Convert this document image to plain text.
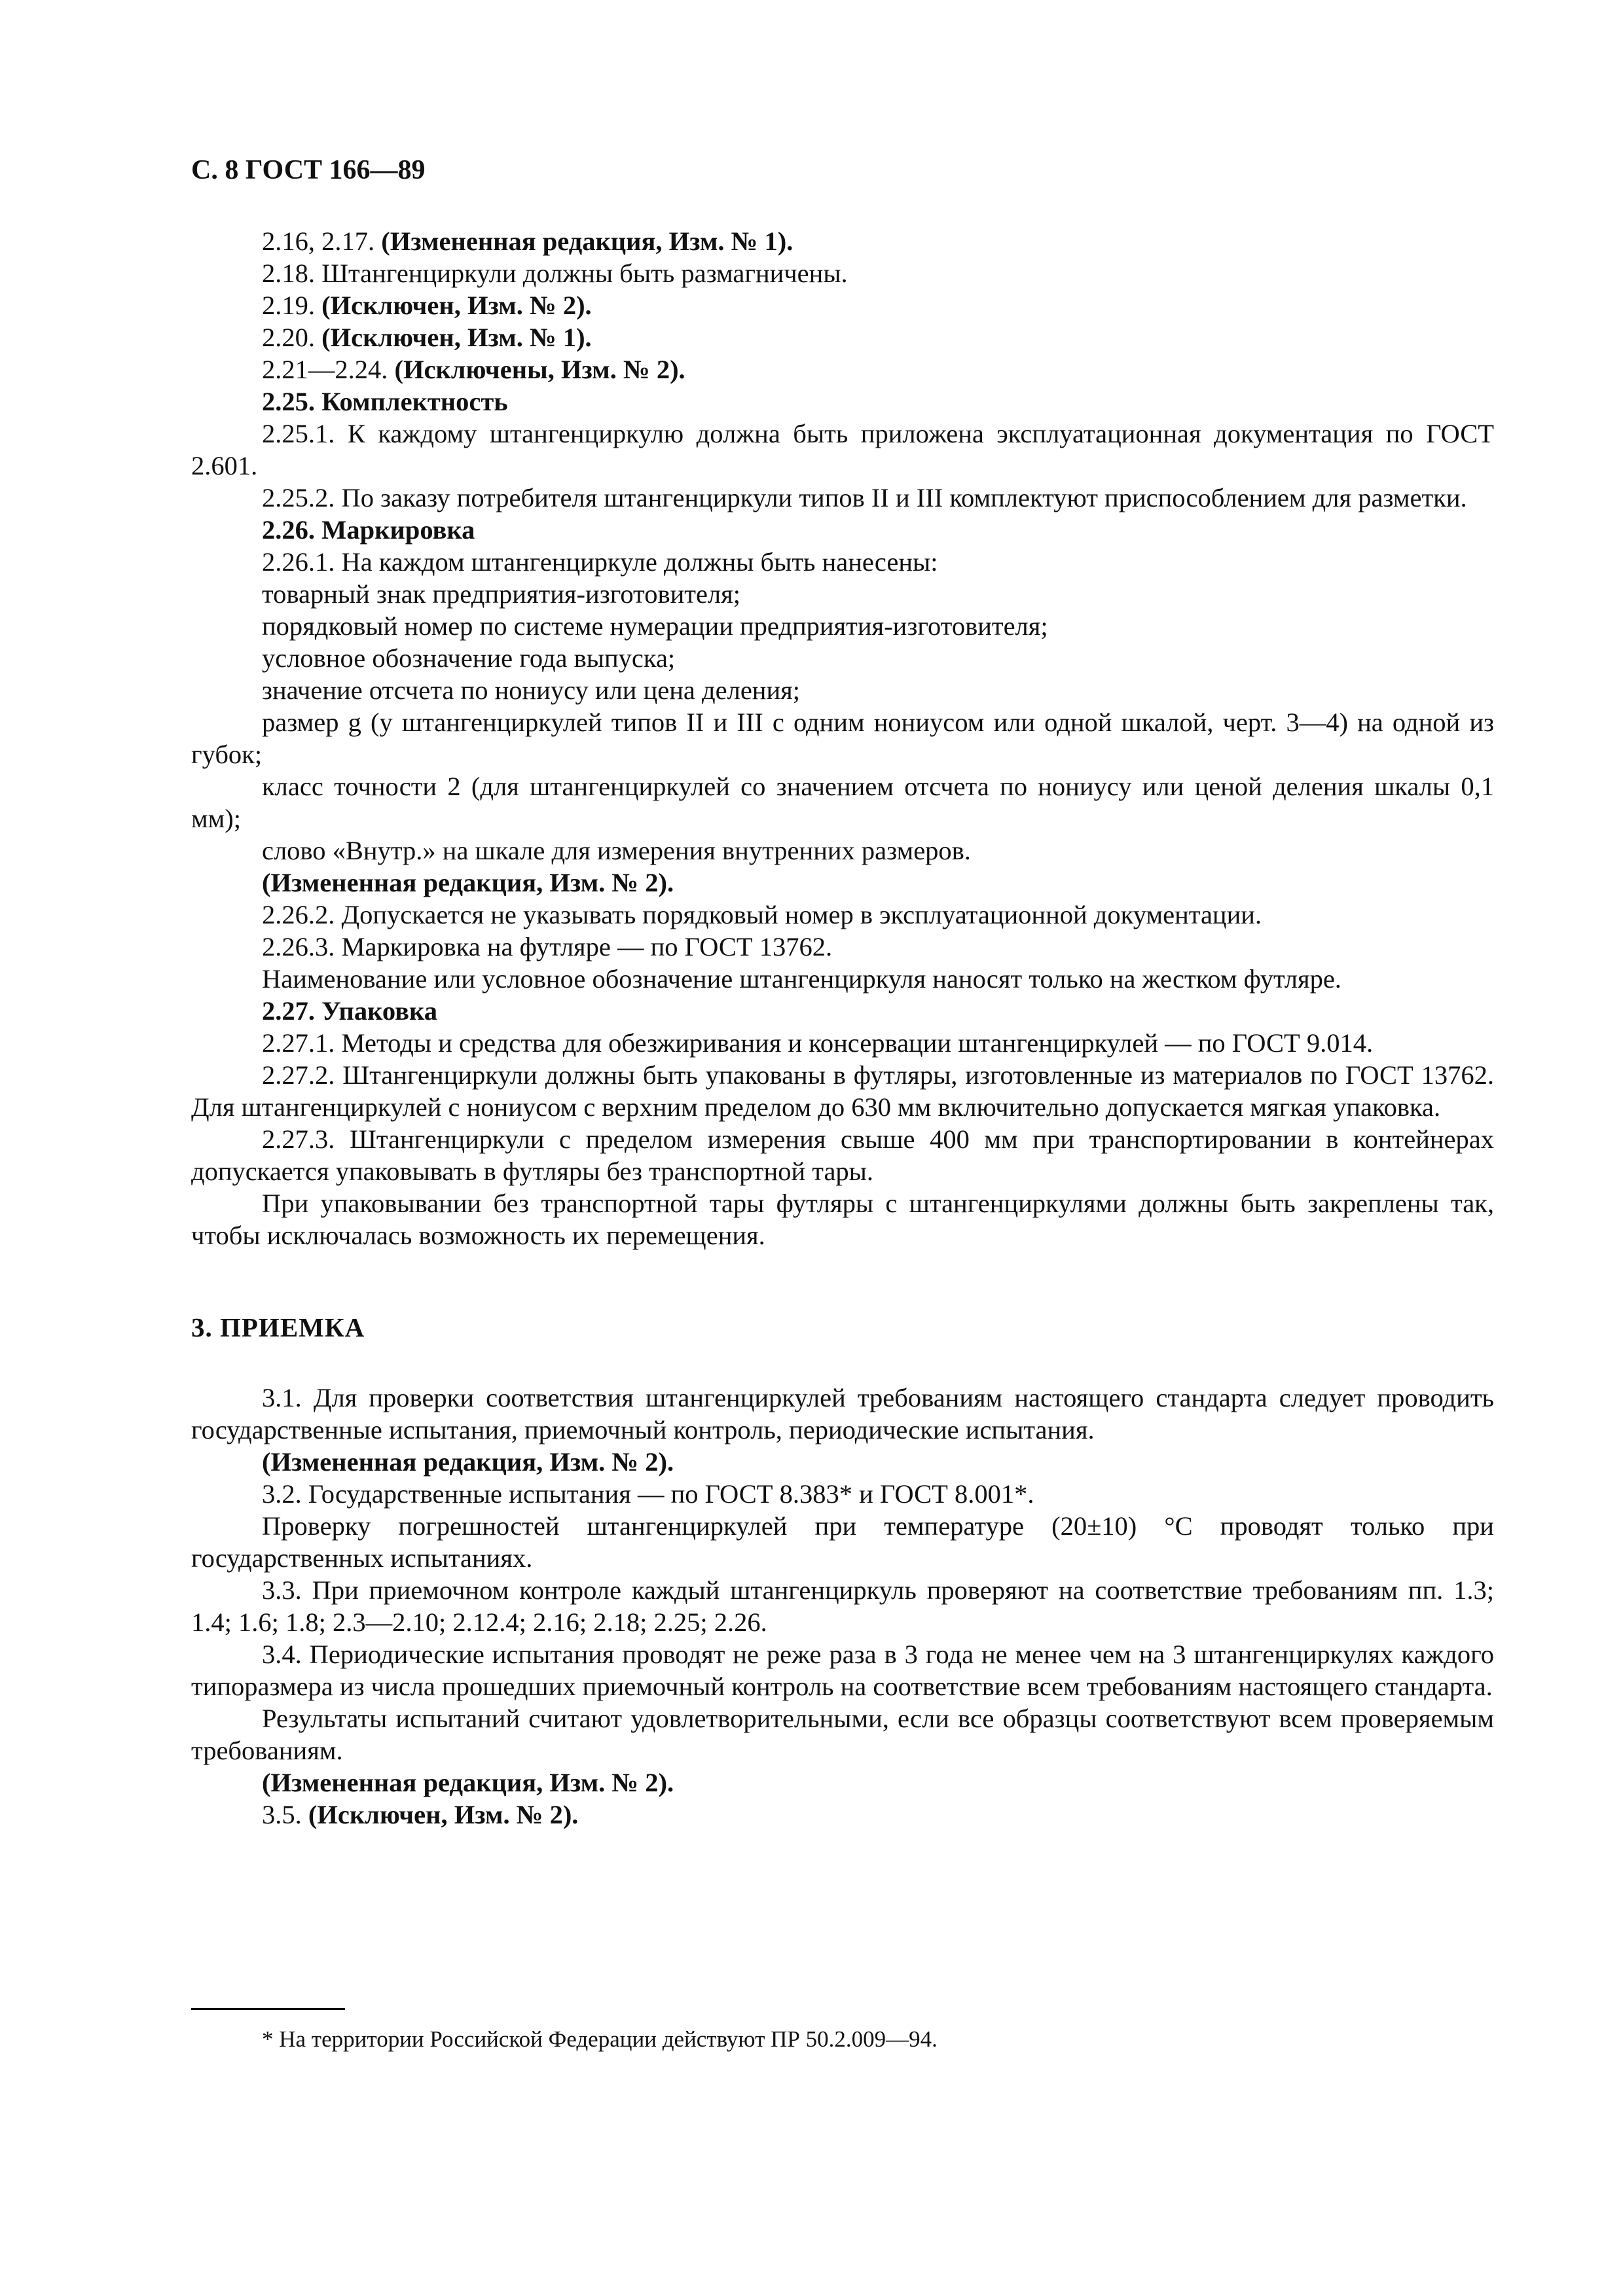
С. 8 ГОСТ 166—89
2.16, 2.17. (Измененная редакция, Изм. № 1).
2.18. Штангенциркули должны быть размагничены.
2.19. (Исключен, Изм. № 2).
2.20. (Исключен, Изм. № 1).
2.21—2.24. (Исключены, Изм. № 2).
2.25. Комплектность
2.25.1. К каждому штангенциркулю должна быть приложена эксплуатационная документация по ГОСТ 2.601.
2.25.2. По заказу потребителя штангенциркули типов II и III комплектуют приспособлением для разметки.
2.26. Маркировка
2.26.1. На каждом штангенциркуле должны быть нанесены:
товарный знак предприятия-изготовителя;
порядковый номер по системе нумерации предприятия-изготовителя;
условное обозначение года выпуска;
значение отсчета по нониусу или цена деления;
размер g (у штангенциркулей типов II и III с одним нониусом или одной шкалой, черт. 3—4) на одной из губок;
класс точности 2 (для штангенциркулей со значением отсчета по нониусу или ценой деления шкалы 0,1 мм);
слово «Внутр.» на шкале для измерения внутренних размеров.
(Измененная редакция, Изм. № 2).
2.26.2. Допускается не указывать порядковый номер в эксплуатационной документации.
2.26.3. Маркировка на футляре — по ГОСТ 13762.
Наименование или условное обозначение штангенциркуля наносят только на жестком футляре.
2.27. Упаковка
2.27.1. Методы и средства для обезжиривания и консервации штангенциркулей — по ГОСТ 9.014.
2.27.2. Штангенциркули должны быть упакованы в футляры, изготовленные из материалов по ГОСТ 13762. Для штангенциркулей с нониусом с верхним пределом до 630 мм включительно допускается мягкая упаковка.
2.27.3. Штангенциркули с пределом измерения свыше 400 мм при транспортировании в контейнерах допускается упаковывать в футляры без транспортной тары.
При упаковывании без транспортной тары футляры с штангенциркулями должны быть закреплены так, чтобы исключалась возможность их перемещения.
3. ПРИЕМКА
3.1. Для проверки соответствия штангенциркулей требованиям настоящего стандарта следует проводить государственные испытания, приемочный контроль, периодические испытания.
(Измененная редакция, Изм. № 2).
3.2. Государственные испытания — по ГОСТ 8.383* и ГОСТ 8.001*.
Проверку погрешностей штангенциркулей при температуре (20±10) °С проводят только при государственных испытаниях.
3.3. При приемочном контроле каждый штангенциркуль проверяют на соответствие требованиям пп. 1.3; 1.4; 1.6; 1.8; 2.3—2.10; 2.12.4; 2.16; 2.18; 2.25; 2.26.
3.4. Периодические испытания проводят не реже раза в 3 года не менее чем на 3 штангенциркулях каждого типоразмера из числа прошедших приемочный контроль на соответствие всем требованиям настоящего стандарта.
Результаты испытаний считают удовлетворительными, если все образцы соответствуют всем проверяемым требованиям.
(Измененная редакция, Изм. № 2).
3.5. (Исключен, Изм. № 2).
* На территории Российской Федерации действуют ПР 50.2.009—94.
